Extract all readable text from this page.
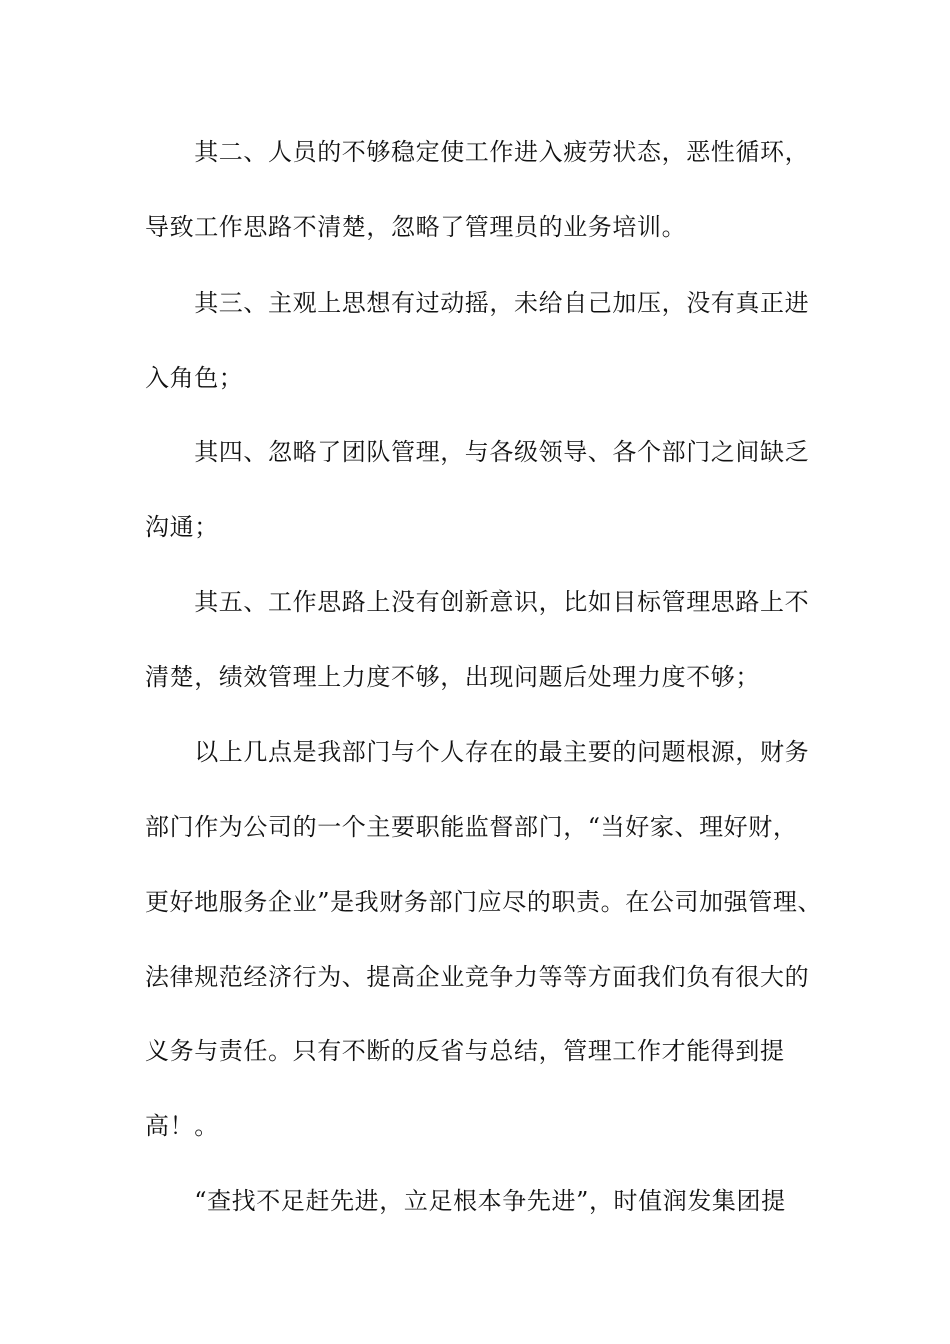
　　其二、人员的不够稳定使工作进入疲劳状态，恶性循环，
导致工作思路不清楚，忽略了管理员的业务培训。
　　其三、主观上思想有过动摇，未给自己加压，没有真正进
入角色；
　　其四、忽略了团队管理，与各级领导、各个部门之间缺乏
沟通；
　　其五、工作思路上没有创新意识，比如目标管理思路上不
清楚，绩效管理上力度不够，出现问题后处理力度不够；
　　以上几点是我部门与个人存在的最主要的问题根源，财务
部门作为公司的一个主要职能监督部门，“当好家、理好财，
更好地服务企业”是我财务部门应尽的职责。在公司加强管理、
法律规范经济行为、提高企业竞争力等等方面我们负有很大的
义务与责任。只有不断的反省与总结，管理工作才能得到提
高！。
　　“查找不足赶先进，立足根本争先进”，时值润发集团提
